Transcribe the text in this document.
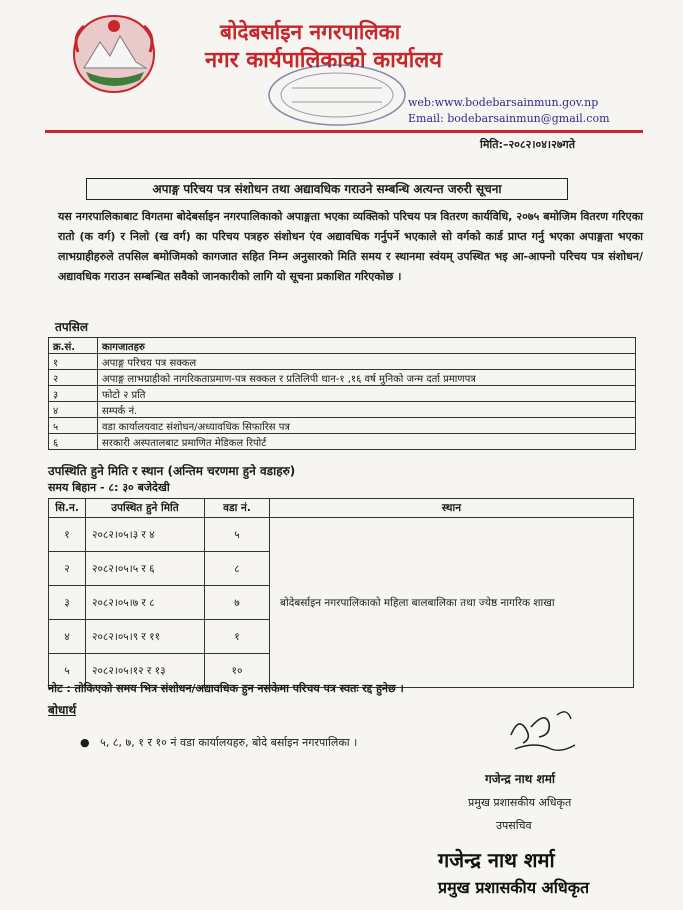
बोदेबर्साइन नगरपालिका
नगर कार्यपालिकाको कार्यालय
web:www.bodebarsainmun.gov.np
Email: bodebarsainmun@gmail.com
मिति:–२०८२।०४।२७गते
अपाङ्ग परिचय पत्र संशोधन तथा अद्यावधिक गराउने सम्बन्धि अत्यन्त जरुरी सूचना
यस नगरपालिकाबाट विगतमा बोदेबर्साइन नगरपालिकाको अपाङ्गता भएका व्यक्तिको परिचय पत्र वितरण कार्यविधि, २०७५ बमोजिम वितरण गरिएका रातो (क वर्ग) र निलो (ख वर्ग) का परिचय पत्रहरु संशोधन एंव अद्यावधिक गर्नुपर्ने भएकाले सो वर्गको कार्ड प्राप्त गर्नु भएका अपाङ्गता भएका लाभग्राहीहरुले तपसिल बमोजिमको कागजात सहित निम्न अनुसारको मिति समय र स्थानमा स्वंयम् उपस्थित भइ आ-आफ्नो परिचय पत्र संशोधन/अद्यावधिक गराउन सम्बन्धित सवैको जानकारीको लागि यो सूचना प्रकाशित गरिएकोछ ।
तपसिल
क्र.सं.	कागजातहरु
१	अपाङ्ग परिचय पत्र सक्कल
२	अपाङ्ग लाभग्राहीको नागरिकताप्रमाण-पत्र सक्कल र प्रतिलिपी थान-१ ,१६ वर्ष मुनिको जन्म दर्ता प्रमाणपत्र
३	फोटो २ प्रति
४	सम्पर्क नं.
५	वडा कार्यालयवाट संशोधन/अध्यावधिक सिफारिस पत्र
६	सरकारी अस्पतालबाट प्रमाणित मेडिकल रिपोर्ट
उपस्थिति हुने मिति र स्थान (अन्तिम चरणमा हुने वडाहरु)
समय बिहान - ८: ३० बजेदेखी
सि.न.	उपस्थित हुने मिति	वडा नं.	स्थान
१	२०८२।०५।३ र ४	५	बोदेबर्साइन नगरपालिकाको महिला बालबालिका तथा ज्येष्ठ नागरिक शाखा
२	२०८२।०५।५ र ६	८	
३	२०८२।०५।७ र ८	७	
४	२०८२।०५।९ र ११	१	
५	२०८२।०५।१२ र १३	१०	
नोट : तोकिएको समय भित्र संशोधन/अद्यावधिक हुन नसकेमा परिचय पत्र स्वतः रद्द हुनेछ ।
बोधार्थ
●   ५, ८, ७, १ र १० नं वडा कार्यालयहरु, बोदे बर्साइन नगरपालिका ।
गजेन्द्र नाथ शर्मा
प्रमुख प्रशासकीय अधिकृत
उपसचिव
गजेन्द्र नाथ शर्मा
प्रमुख प्रशासकीय अधिकृत
